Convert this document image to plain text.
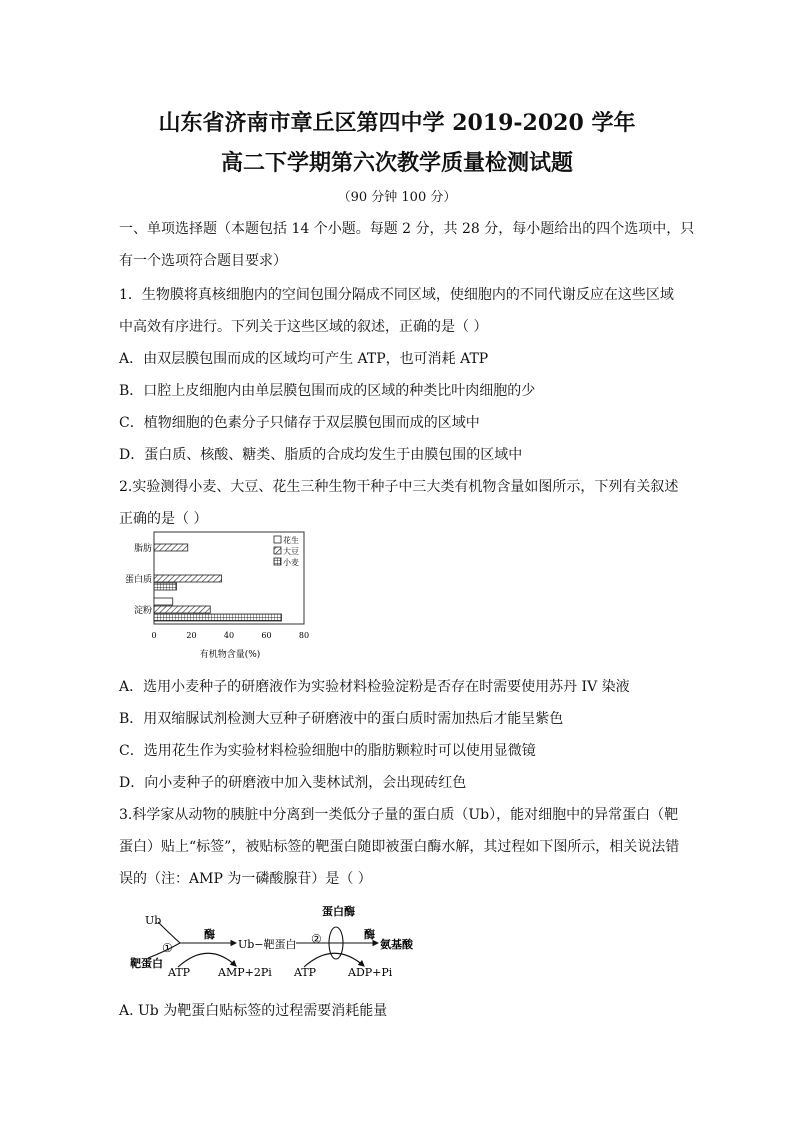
山东省济南市章丘区第四中学 2019-2020 学年
高二下学期第六次教学质量检测试题
（90 分钟 100 分）
一、单项选择题（本题包括 14 个小题。每题 2 分，共 28 分，每小题给出的四个选项中，只
有一个选项符合题目要求）
1．生物膜将真核细胞内的空间包围分隔成不同区域，使细胞内的不同代谢反应在这些区域
中高效有序进行。下列关于这些区域的叙述，正确的是（ ）
A．由双层膜包围而成的区域均可产生 ATP，也可消耗 ATP
B．口腔上皮细胞内由单层膜包围而成的区域的种类比叶肉细胞的少
C．植物细胞的色素分子只储存于双层膜包围而成的区域中
D．蛋白质、核酸、糖类、脂质的合成均发生于由膜包围的区域中
2.实验测得小麦、大豆、花生三种生物干种子中三大类有机物含量如图所示，下列有关叙述
正确的是（ ）
脂肪
蛋白质
淀粉
0	20	40	60	80
有机物含量(%)
花生
大豆
小麦
A．选用小麦种子的研磨液作为实验材料检验淀粉是否存在时需要使用苏丹 IV 染液
B．用双缩脲试剂检测大豆种子研磨液中的蛋白质时需加热后才能呈紫色
C．选用花生作为实验材料检验细胞中的脂肪颗粒时可以使用显微镜
D．向小麦种子的研磨液中加入斐林试剂，会出现砖红色
3.科学家从动物的胰脏中分离到一类低分子量的蛋白质（Ub），能对细胞中的异常蛋白（靶
蛋白）贴上“标签”，被贴标签的靶蛋白随即被蛋白酶水解，其过程如下图所示，相关说法错
误的（注：AMP 为一磷酸腺苷）是（ ）
Ub
靶蛋白
①
酶
Ub−靶蛋白
ATP	AMP+2Pi
②
蛋白酶
酶
氨基酸
ATP	ADP+Pi
A. Ub 为靶蛋白贴标签的过程需要消耗能量
